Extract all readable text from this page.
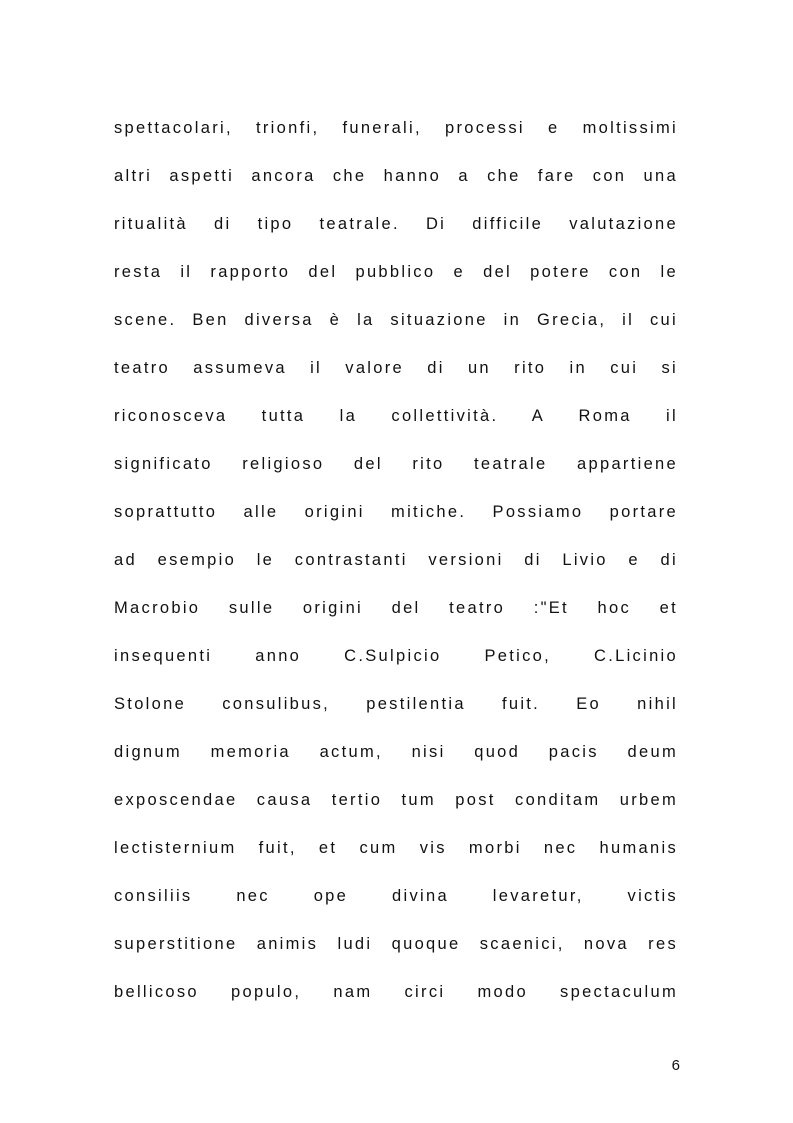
spettacolari, trionfi, funerali, processi e moltissimi
altri aspetti ancora che hanno a che fare con una
ritualità di tipo teatrale. Di difficile valutazione
resta il rapporto del pubblico e del potere con le
scene. Ben diversa è la situazione in Grecia, il cui
teatro assumeva il valore di un rito in cui si
riconosceva tutta la collettività. A Roma il
significato religioso del rito teatrale appartiene
soprattutto alle origini mitiche. Possiamo portare
ad esempio le contrastanti versioni di Livio e di
Macrobio sulle origini del teatro :"Et hoc et
insequenti anno C.Sulpicio Petico, C.Licinio
Stolone consulibus, pestilentia fuit. Eo nihil
dignum memoria actum, nisi quod pacis deum
exposcendae causa tertio tum post conditam urbem
lectisternium fuit, et cum vis morbi nec humanis
consiliis nec ope divina levaretur, victis
superstitione animis ludi quoque scaenici, nova res
bellicoso populo, nam circi modo spectaculum
6
